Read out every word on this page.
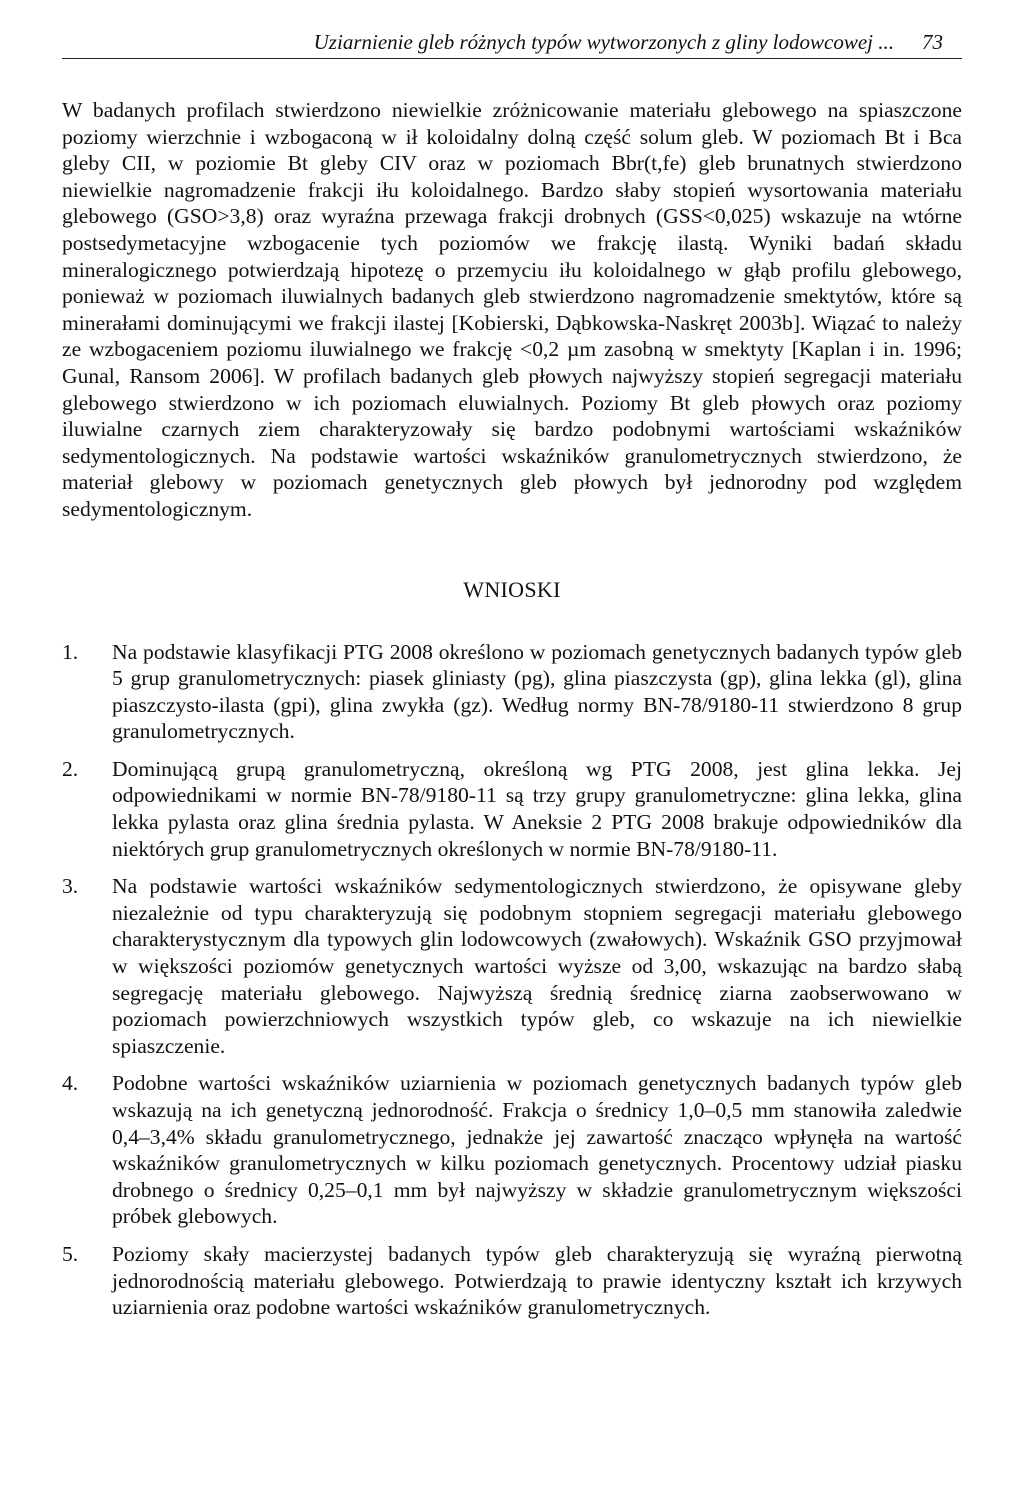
Uziarnienie gleb różnych typów wytworzonych z gliny lodowcowej ... 73

W badanych profilach stwierdzono niewielkie zróżnicowanie materiału glebowego na spiaszczone poziomy wierzchnie i wzbogaconą w ił koloidalny dolną część solum gleb. W poziomach Bt i Bca gleby CII, w poziomie Bt gleby CIV oraz w poziomach Bbr(t,fe) gleb brunatnych stwierdzono niewielkie nagromadzenie frakcji iłu koloidalnego. Bardzo słaby stopień wysortowania materiału glebowego (GSO>3,8) oraz wyraźna przewaga frakcji drobnych (GSS<0,025) wskazuje na wtórne postsedymetacyjne wzbogacenie tych poziomów we frakcję ilastą. Wyniki badań składu mineralogicznego potwierdzają hipotezę o przemyciu iłu koloidalnego w głąb profilu glebowego, ponieważ w poziomach iluwialnych badanych gleb stwierdzono nagromadzenie smektytów, które są minerałami dominującymi we frakcji ilastej [Kobierski, Dąbkowska-Naskręt 2003b]. Wiązać to należy ze wzbogaceniem poziomu iluwialnego we frakcję <0,2 µm zasobną w smektyty [Kaplan i in. 1996; Gunal, Ransom 2006]. W profilach badanych gleb płowych najwyższy stopień segregacji materiału glebowego stwierdzono w ich poziomach eluwialnych. Poziomy Bt gleb płowych oraz poziomy iluwialne czarnych ziem charakteryzowały się bardzo podobnymi wartościami wskaźników sedymentologicznych. Na podstawie wartości wskaźników granulometrycznych stwierdzono, że materiał glebowy w poziomach genetycznych gleb płowych był jednorodny pod względem sedymentologicznym.

WNIOSKI
1. Na podstawie klasyfikacji PTG 2008 określono w poziomach genetycznych badanych typów gleb 5 grup granulometrycznych: piasek gliniasty (pg), glina piaszczysta (gp), glina lekka (gl), glina piaszczysto-ilasta (gpi), glina zwykła (gz). Według normy BN-78/9180-11 stwierdzono 8 grup granulometrycznych.
2. Dominującą grupą granulometryczną, określoną wg PTG 2008, jest glina lekka. Jej odpowiednikami w normie BN-78/9180-11 są trzy grupy granulometryczne: glina lekka, glina lekka pylasta oraz glina średnia pylasta. W Aneksie 2 PTG 2008 brakuje odpowiedników dla niektórych grup granulometrycznych określonych w normie BN-78/9180-11.
3. Na podstawie wartości wskaźników sedymentologicznych stwierdzono, że opisywane gleby niezależnie od typu charakteryzują się podobnym stopniem segregacji materiału glebowego charakterystycznym dla typowych glin lodowcowych (zwałowych). Wskaźnik GSO przyjmował w większości poziomów genetycznych wartości wyższe od 3,00, wskazując na bardzo słabą segregację materiału glebowego. Najwyższą średnią średnicę ziarna zaobserwowano w poziomach powierzchniowych wszystkich typów gleb, co wskazuje na ich niewielkie spiaszczenie.
4. Podobne wartości wskaźników uziarnienia w poziomach genetycznych badanych typów gleb wskazują na ich genetyczną jednorodność. Frakcja o średnicy 1,0–0,5 mm stanowiła zaledwie 0,4–3,4% składu granulometrycznego, jednakże jej zawartość znacząco wpłynęła na wartość wskaźników granulometrycznych w kilku poziomach genetycznych. Procentowy udział piasku drobnego o średnicy 0,25–0,1 mm był najwyższy w składzie granulometrycznym większości próbek glebowych.
5. Poziomy skały macierzystej badanych typów gleb charakteryzują się wyraźną pierwotną jednorodnością materiału glebowego. Potwierdzają to prawie identyczny kształt ich krzywych uziarnienia oraz podobne wartości wskaźników granulometrycznych.
